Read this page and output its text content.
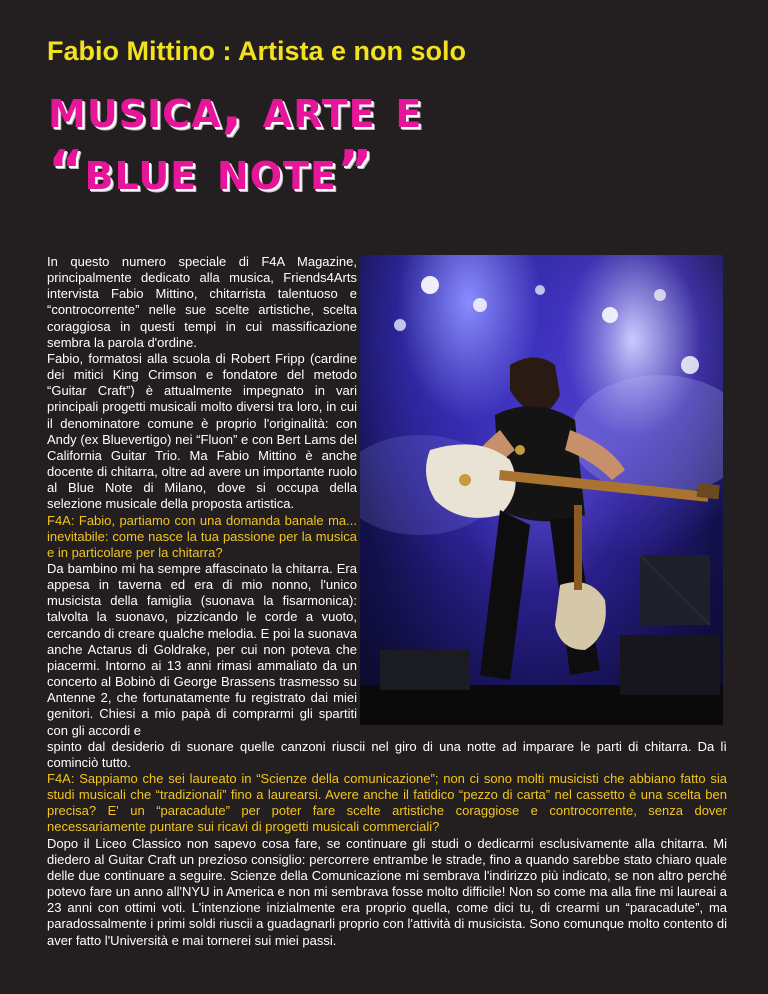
Fabio Mittino : Artista e non solo
musica, arte e
“blue note”

In questo numero speciale di F4A Magazine, principalmente dedicato alla musica, Friends4Arts intervista Fabio Mittino, chitarrista talentuoso e “controcorrente” nelle sue scelte artistiche, scelta coraggiosa in questi tempi in cui massificazione sembra la parola d'ordine.

Fabio, formatosi alla scuola di Robert Fripp (cardine dei mitici King Crimson e fondatore del metodo “Guitar Craft”) è attualmente impegnato in vari principali progetti musicali molto diversi tra loro, in cui il denominatore comune è proprio l'originalità: con Andy (ex Bluevertigo) nei “Fluon” e con Bert Lams del California Guitar Trio. Ma Fabio Mittino è anche docente di chitarra, oltre ad avere un importante ruolo al Blue Note di Milano, dove si occupa della selezione musicale della proposta artistica.

F4A: Fabio, partiamo con una domanda banale ma... inevitabile: come nasce la tua passione per la musica e in particolare per la chitarra?

Da bambino mi ha sempre affascinato la chitarra. Era appesa in taverna ed era di mio nonno, l'unico musicista della famiglia (suonava la fisarmonica): talvolta la suonavo, pizzicando le corde a vuoto, cercando di creare qualche melodia. E poi la suonava anche Actarus di Goldrake, per cui non poteva che piacermi. Intorno ai 13 anni rimasi ammaliato da un concerto al Bobinò di George Brassens trasmesso su Antenne 2, che fortunatamente fu registrato dai miei genitori. Chiesi a mio papà di comprarmi gli spartiti con gli accordi e

spinto dal desiderio di suonare quelle canzoni riuscii nel giro di una notte ad imparare le parti di chitarra. Da lì cominciò tutto.

F4A: Sappiamo che sei laureato in “Scienze della comunicazione”; non ci sono molti musicisti che abbiano fatto sia studi musicali che “tradizionali” fino a laurearsi. Avere anche il fatidico “pezzo di carta” nel cassetto è una scelta ben precisa? E' un “paracadute” per poter fare scelte artistiche coraggiose e controcorrente, senza dover necessariamente puntare sui ricavi di progetti musicali commerciali?

Dopo il Liceo Classico non sapevo cosa fare, se continuare gli studi o dedicarmi esclusivamente alla chitarra. Mi diedero al Guitar Craft un prezioso consiglio: percorrere entrambe le strade, fino a quando sarebbe stato chiaro quale delle due continuare a seguire. Scienze della Comunicazione mi sembrava l'indirizzo più indicato, se non altro perché potevo fare un anno all'NYU in America e non mi sembrava fosse molto difficile! Non so come ma alla fine mi laureai a 23 anni con ottimi voti. L'intenzione inizialmente era proprio quella, come dici tu, di crearmi un “paracadute”, ma paradossalmente i primi soldi riuscii a guadagnarli proprio con l'attività di musicista. Sono comunque molto contento di aver fatto l'Università e mai tornerei sui miei passi.
